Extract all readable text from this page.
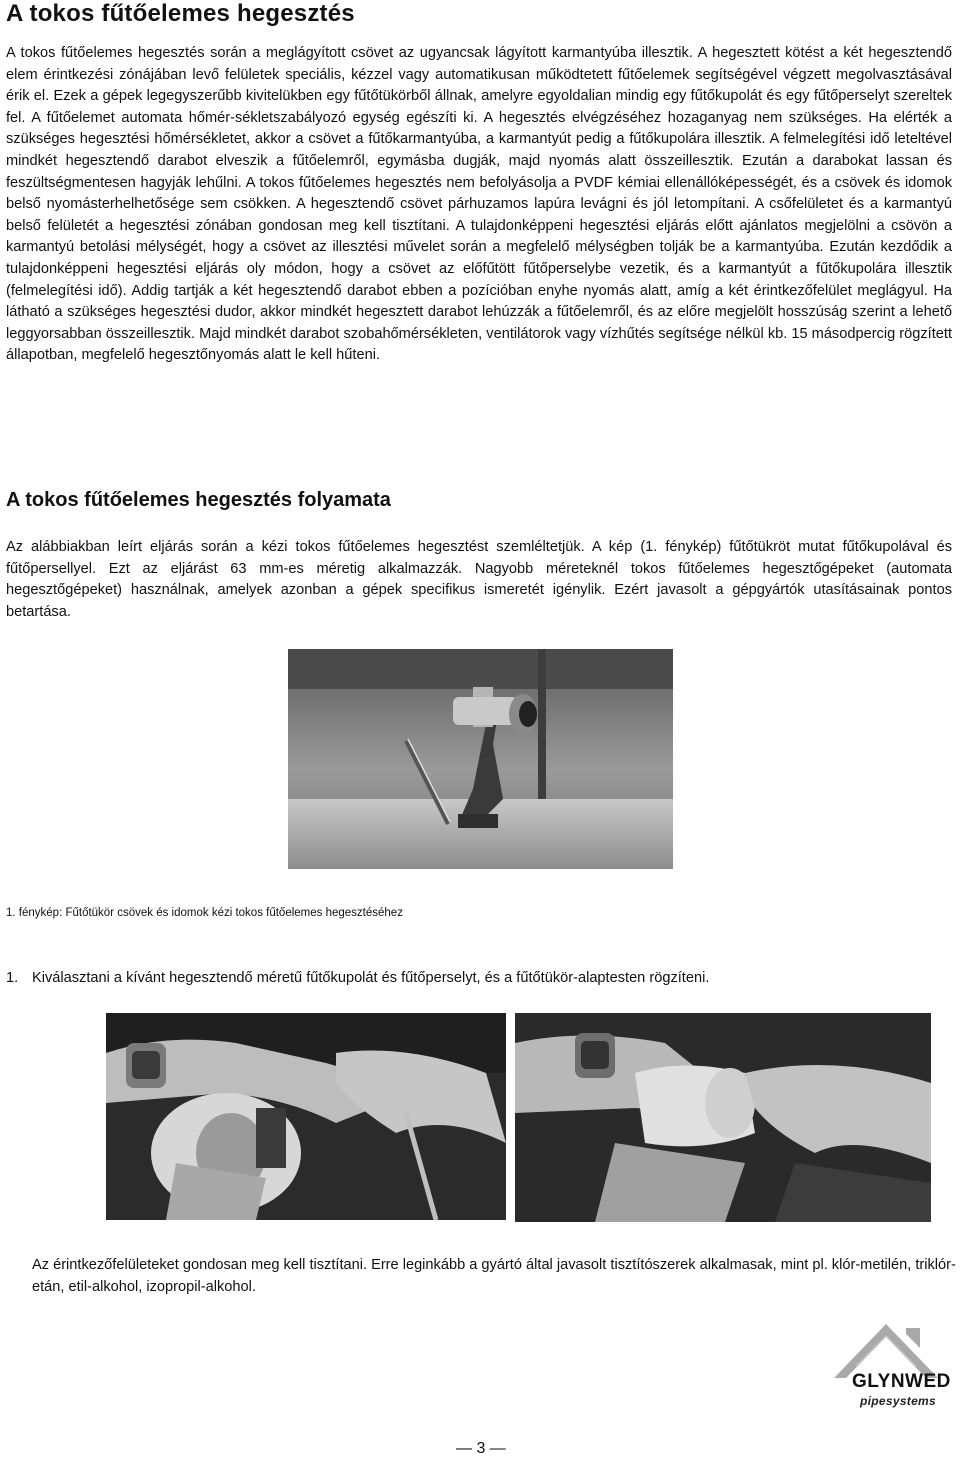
A tokos fűtőelemes hegesztés

A tokos fűtőelemes hegesztés során a meglágyított csövet az ugyancsak lágyított karmantyúba illesztik. A hegesztett kötést a két hegesztendő elem érintkezési zónájában levő felületek speciális, kézzel vagy automatikusan működtetett fűtőelemek segítségével végzett megolvasztásával érik el. Ezek a gépek legegyszerűbb kivitelükben egy fűtőtükörből állnak, amelyre egyoldalian mindig egy fűtőkupolát és egy fűtőperselyt szereltek fel. A fűtőelemet automata hőmér-sékletszabályozó egység egészíti ki. A hegesztés elvégzéséhez hozaganyag nem szükséges. Ha elérték a szükséges hegesztési hőmérsékletet, akkor a csövet a fűtőkarmantyúba, a karmantyút pedig a fűtőkupolára illesztik. A felmelegítési idő leteltével mindkét hegesztendő darabot elveszik a fűtőelemről, egymásba dugják, majd nyomás alatt összeillesztik. Ezután a darabokat lassan és feszültségmentesen hagyják lehűlni. A tokos fűtőelemes hegesztés nem befolyásolja a PVDF kémiai ellenállóképességét, és a csövek és idomok belső nyomásterhelhetősége sem csökken. A hegesztendő csövet párhuzamos lapúra levágni és jól letompítani. A csőfelületet és a karmantyú belső felületét a hegesztési zónában gondosan meg kell tisztítani. A tulajdonképpeni hegesztési eljárás előtt ajánlatos megjelölni a csövön a karmantyú betolási mélységét, hogy a csövet az illesztési művelet során a megfelelő mélységben tolják be a karmantyúba. Ezután kezdődik a tulajdonképpeni hegesztési eljárás oly módon, hogy a csövet az előfűtött fűtőperselybe vezetik, és a karmantyút a fűtőkupolára illesztik (felmelegítési idő). Addig tartják a két hegesztendő darabot ebben a pozícióban enyhe nyomás alatt, amíg a két érintkezőfelület meglágyul. Ha látható a szükséges hegesztési dudor, akkor mindkét hegesztett darabot lehúzzák a fűtőelemről, és az előre megjelölt hosszúság szerint a lehető leggyorsabban összeillesztik. Majd mindkét darabot szobahőmérsékleten, ventilátorok vagy vízhűtés segítsége nélkül kb. 15 másodpercig rögzített állapotban, megfelelő hegesztőnyomás alatt le kell hűteni.

A tokos fűtőelemes hegesztés folyamata

Az alábbiakban leírt eljárás során a kézi tokos fűtőelemes hegesztést szemléltetjük. A kép (1. fénykép) fűtőtükröt mutat fűtőkupolával és fűtőpersellyel. Ezt az eljárást 63 mm-es méretig alkalmazzák. Nagyobb méreteknél tokos fűtőelemes hegesztőgépeket (automata hegesztőgépeket) használnak, amelyek azonban a gépek specifikus ismeretét igénylik. Ezért javasolt a gépgyártók utasításainak pontos betartása.

1. fénykép: Fűtőtükör csövek és idomok kézi tokos fűtőelemes hegesztéséhez

1. Kiválasztani a kívánt hegesztendő méretű fűtőkupolát és fűtőperselyt, és a fűtőtükör-alaptesten rögzíteni.

Az érintkezőfelületeket gondosan meg kell tisztítani. Erre leginkább a gyártó által javasolt tisztítószerek alkalmasak, mint pl. klór-metilén, triklór-etán, etil-alkohol, izopropil-alkohol.

GLYNWED
pipesystems
— 3 —
